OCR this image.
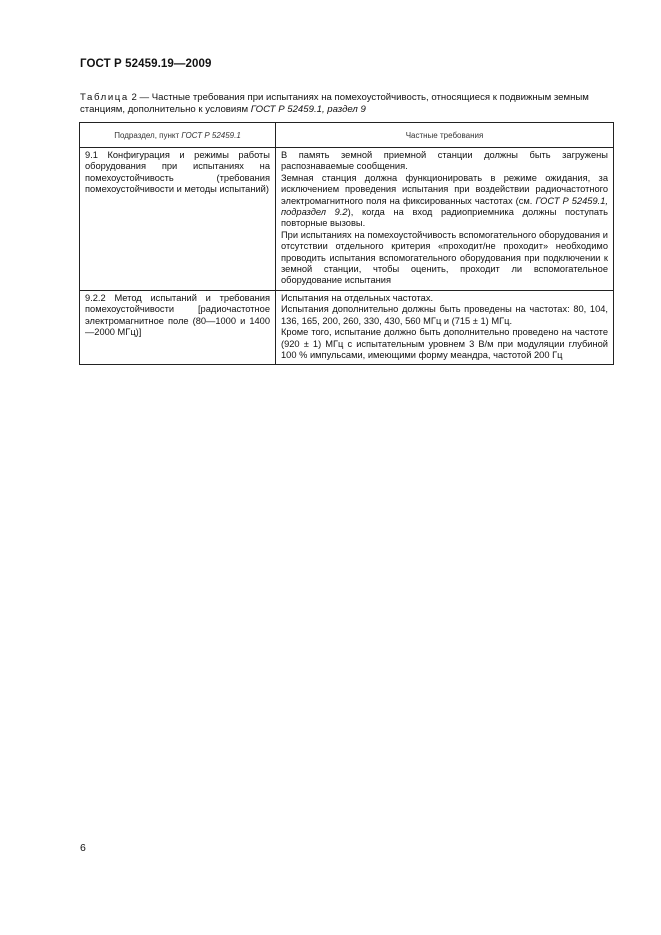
ГОСТ Р 52459.19—2009
Таблица 2 — Частные требования при испытаниях на помехоустойчивость, относящиеся к подвижным земным станциям, дополнительно к условиям ГОСТ Р 52459.1, раздел 9
Подраздел, пункт ГОСТ Р 52459.1	Частные требования
9.1 Конфигурация и режимы работы оборудования при испытаниях на помехоустойчивость (требования помехоустойчивости и методы испытаний)	В память земной приемной станции должны быть загружены распознаваемые сообщения.

Земная станция должна функционировать в режиме ожидания, за исключением проведения испытания при воздействии радиочастотного электромагнитного поля на фиксированных частотах (см. ГОСТ Р 52459.1, подраздел 9.2), когда на вход радиоприемника должны поступать повторные вызовы.

При испытаниях на помехоустойчивость вспомогательного оборудования и отсутствии отдельного критерия «проходит/не проходит» необходимо проводить испытания вспомогательного оборудования при подключении к земной станции, чтобы оценить, проходит ли вспомогательное оборудование испытания

9.2.2 Метод испытаний и требования помехоустойчивости [радиочастотное электромагнитное поле (80—1000 и 1400—2000 МГц)]	Испытания на отдельных частотах.

Испытания дополнительно должны быть проведены на частотах: 80, 104, 136, 165, 200, 260, 330, 430, 560 МГц и (715 ± 1) МГц.

Кроме того, испытание должно быть дополнительно проведено на частоте (920 ± 1) МГц с испытательным уровнем 3 В/м при модуляции глубиной 100 % импульсами, имеющими форму меандра, частотой 200 Гц

6
